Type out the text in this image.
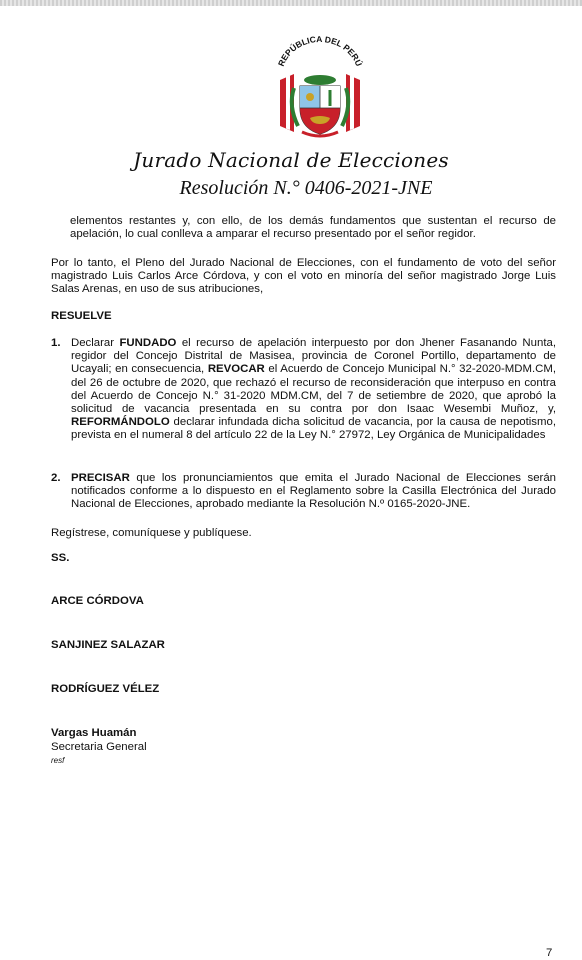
REPÚBLICA DEL PERÚ
Jurado Nacional de Elecciones
Resolución N.° 0406-2021-JNE
elementos restantes y, con ello, de los demás fundamentos que sustentan el recurso de apelación, lo cual conlleva a amparar el recurso presentado por el señor regidor.
Por lo tanto, el Pleno del Jurado Nacional de Elecciones, con el fundamento de voto del señor magistrado Luis Carlos Arce Córdova, y con el voto en minoría del señor magistrado Jorge Luis Salas Arenas, en uso de sus atribuciones,
RESUELVE
1. Declarar FUNDADO el recurso de apelación interpuesto por don Jhener Fasanando Nunta, regidor del Concejo Distrital de Masisea, provincia de Coronel Portillo, departamento de Ucayali; en consecuencia, REVOCAR el Acuerdo de Concejo Municipal N.° 32-2020-MDM.CM, del 26 de octubre de 2020, que rechazó el recurso de reconsideración que interpuso en contra del Acuerdo de Concejo N.° 31-2020 MDM.CM, del 7 de setiembre de 2020, que aprobó la solicitud de vacancia presentada en su contra por don Isaac Wesembi Muñoz, y, REFORMÁNDOLO declarar infundada dicha solicitud de vacancia, por la causa de nepotismo, prevista en el numeral 8 del artículo 22 de la Ley N.° 27972, Ley Orgánica de Municipalidades
2. PRECISAR que los pronunciamientos que emita el Jurado Nacional de Elecciones serán notificados conforme a lo dispuesto en el Reglamento sobre la Casilla Electrónica del Jurado Nacional de Elecciones, aprobado mediante la Resolución N.º 0165-2020-JNE.
Regístrese, comuníquese y publíquese.
SS.
ARCE CÓRDOVA
SANJINEZ SALAZAR
RODRÍGUEZ VÉLEZ
Vargas Huamán
Secretaria General
resf
7
